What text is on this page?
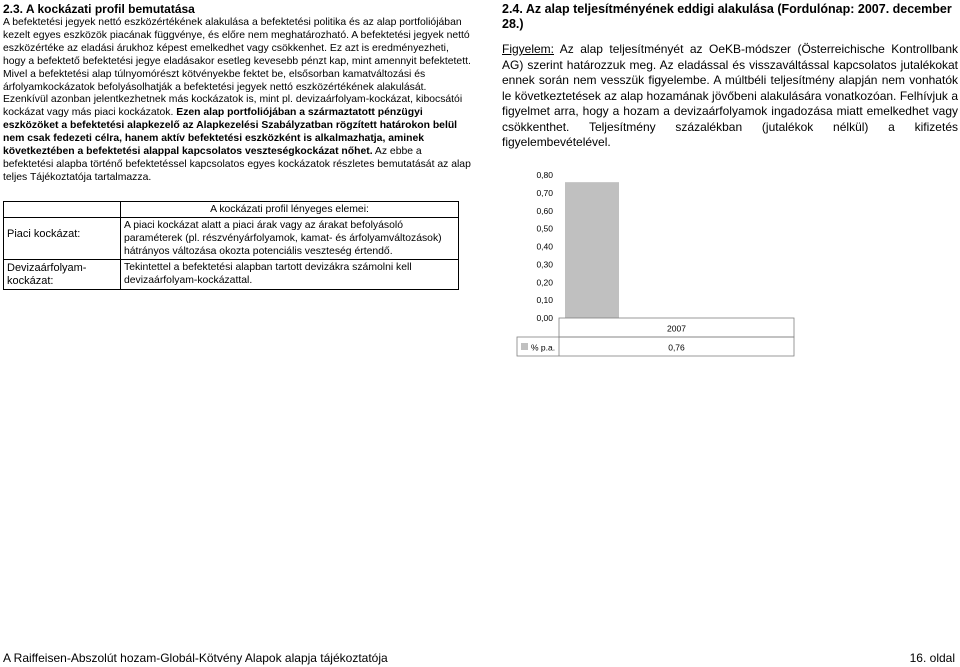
2.3. A kockázati profil bemutatása

A befektetési jegyek nettó eszközértékének alakulása a befektetési politika és az alap portfoliójában kezelt egyes eszközök piacának függvénye, és előre nem meghatározható. A befektetési jegyek nettó eszközértéke az eladási árukhoz képest emelkedhet vagy csökkenhet. Ez azt is eredményezheti, hogy a befektető befektetési jegye eladásakor esetleg kevesebb pénzt kap, mint amennyit befektetett. Mivel a befektetési alap túlnyomórészt kötvényekbe fektet be, elsősorban kamatváltozási és árfolyamkockázatok befolyásolhatják a befektetési jegyek nettó eszközértékének alakulását. Ezenkívül azonban jelentkezhetnek más kockázatok is, mint pl. devizaárfolyam-kockázat, kibocsátói kockázat vagy más piaci kockázatok. Ezen alap portfoliójában a származtatott pénzügyi eszközöket a befektetési alapkezelő az Alapkezelési Szabályzatban rögzített határokon belül nem csak fedezeti célra, hanem aktív befektetési eszközként is alkalmazhatja, aminek következtében a befektetési alappal kapcsolatos veszteségkockázat nőhet. Az ebbe a befektetési alapba történő befektetéssel kapcsolatos egyes kockázatok részletes bemutatását az alap teljes Tájékoztatója tartalmazza.

	A kockázati profil lényeges elemei:
Piaci kockázat:	A piaci kockázat alatt a piaci árak vagy az árakat befolyásoló paraméterek (pl. részvényárfolyamok, kamat- és árfolyamváltozások) hátrányos változása okozta potenciális veszteség értendő.
Devizaárfolyam-kockázat:	Tekintettel a befektetési alapban tartott devizákra számolni kell devizaárfolyam-kockázattal.
2.4. Az alap teljesítményének eddigi alakulása (Fordulónap: 2007. december 28.)

Figyelem: Az alap teljesítményét az OeKB-módszer (Österreichische Kontrollbank AG) szerint határozzuk meg. Az eladással és visszaváltással kapcsolatos jutalékokat ennek során nem vesszük figyelembe. A múltbéli teljesítmény alapján nem vonhatók le következtetések az alap hozamának jövőbeni alakulására vonatkozóan. Felhívjuk a figyelmet arra, hogy a hozam a devizaárfolyamok ingadozása miatt emelkedhet vagy csökkenthet. Teljesítmény százalékban (jutalékok nélkül) a kifizetés figyelembevételével.

0,00
0,10
0,20
0,30
0,40
0,50
0,60
0,70
0,80
2007
0,76
% p.a.
A Raiffeisen-Abszolút hozam-Globál-Kötvény Alapok alapja tájékoztatója	16. oldal
